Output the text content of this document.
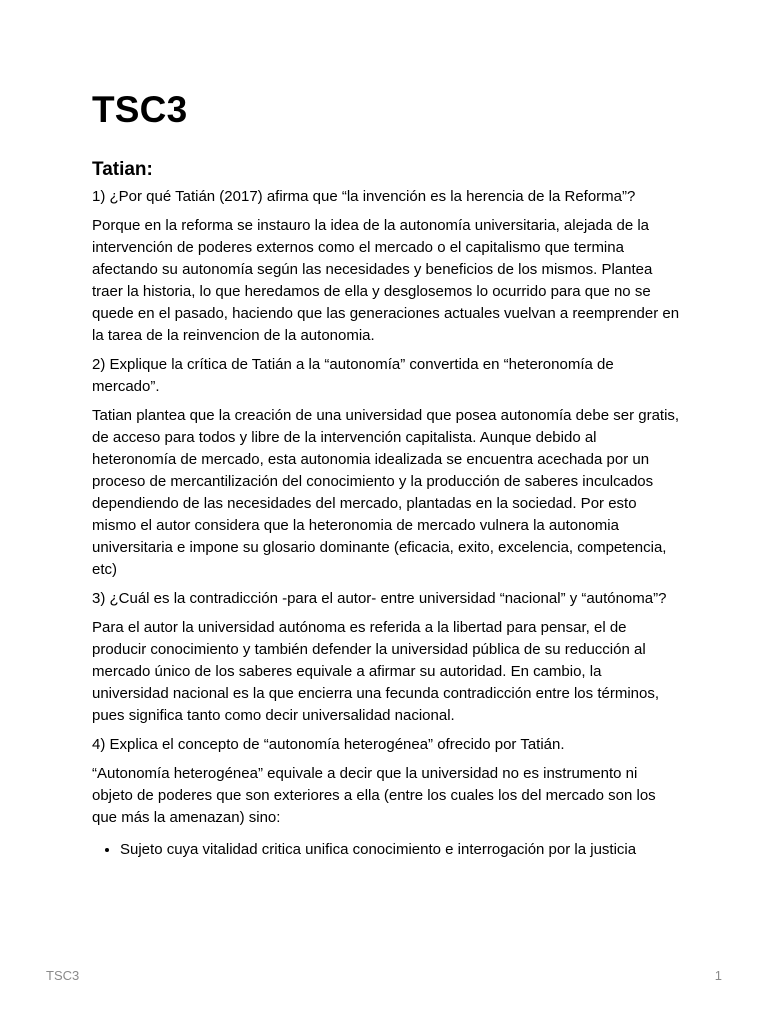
TSC3
Tatian:

1) ¿Por qué Tatián (2017) afirma que “la invención es la herencia de la Reforma”?

Porque en la reforma se instauro la idea de la autonomía universitaria, alejada de la intervención de poderes externos como el mercado o el capitalismo que termina afectando su autonomía según las necesidades y beneficios de los mismos. Plantea traer la historia, lo que heredamos de ella y desglosemos lo ocurrido para que no se quede en el pasado, haciendo que las generaciones actuales vuelvan a reemprender en la tarea de la reinvencion de la autonomia.

2) Explique la crítica de Tatián a la “autonomía” convertida en “heteronomía de mercado”.

Tatian plantea que la creación de una universidad que posea autonomía debe ser gratis, de acceso para todos y libre de la intervención capitalista. Aunque debido al heteronomía de mercado, esta autonomia idealizada se encuentra acechada por un proceso de mercantilización del conocimiento y la producción de saberes inculcados dependiendo de las necesidades del mercado, plantadas en la sociedad. Por esto mismo el autor considera que la heteronomia de mercado vulnera la autonomia universitaria e impone su glosario dominante (eficacia, exito, excelencia, competencia, etc)

3) ¿Cuál es la contradicción -para el autor- entre universidad “nacional” y “autónoma”?

Para el autor la universidad autónoma es referida a la libertad para pensar, el de producir conocimiento y también defender la universidad pública de su reducción al mercado único de los saberes equivale a afirmar su autoridad. En cambio, la universidad nacional es la que encierra una fecunda contradicción entre los términos, pues significa tanto como decir universalidad nacional.

4) Explica el concepto de “autonomía heterogénea” ofrecido por Tatián.

“Autonomía heterogénea” equivale a decir que la universidad no es instrumento ni objeto de poderes que son exteriores a ella (entre los cuales los del mercado son los que más la amenazan) sino:

• Sujeto cuya vitalidad critica unifica conocimiento e interrogación por la justicia
TSC3	1
